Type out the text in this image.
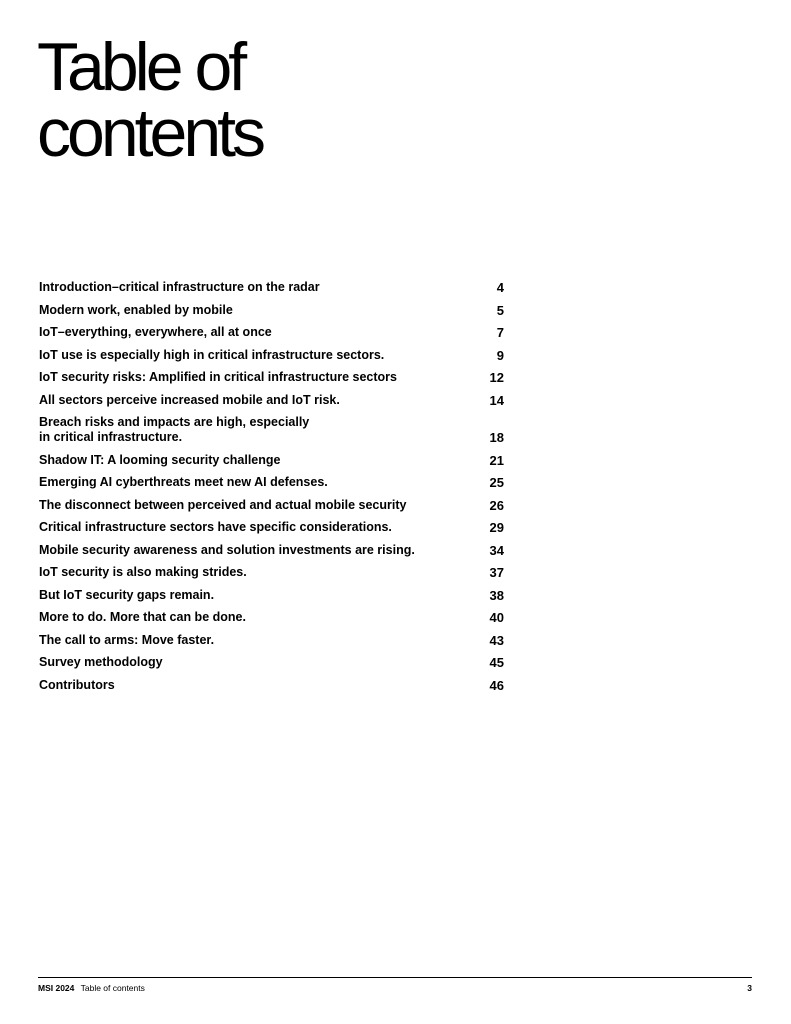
Table of
contents
Introduction–critical infrastructure on the radar	4
Modern work, enabled by mobile	5
IoT–everything, everywhere, all at once	7
IoT use is especially high in critical infrastructure sectors.	9
IoT security risks: Amplified in critical infrastructure sectors	12
All sectors perceive increased mobile and IoT risk.	14
Breach risks and impacts are high, especially
in critical infrastructure.	18
Shadow IT: A looming security challenge	21
Emerging AI cyberthreats meet new AI defenses.	25
The disconnect between perceived and actual mobile security	26
Critical infrastructure sectors have specific considerations.	29
Mobile security awareness and solution investments are rising.	34
IoT security is also making strides.	37
But IoT security gaps remain.	38
More to do. More that can be done.	40
The call to arms: Move faster.	43
Survey methodology	45
Contributors	46
MSI 2024 Table of contents	3
